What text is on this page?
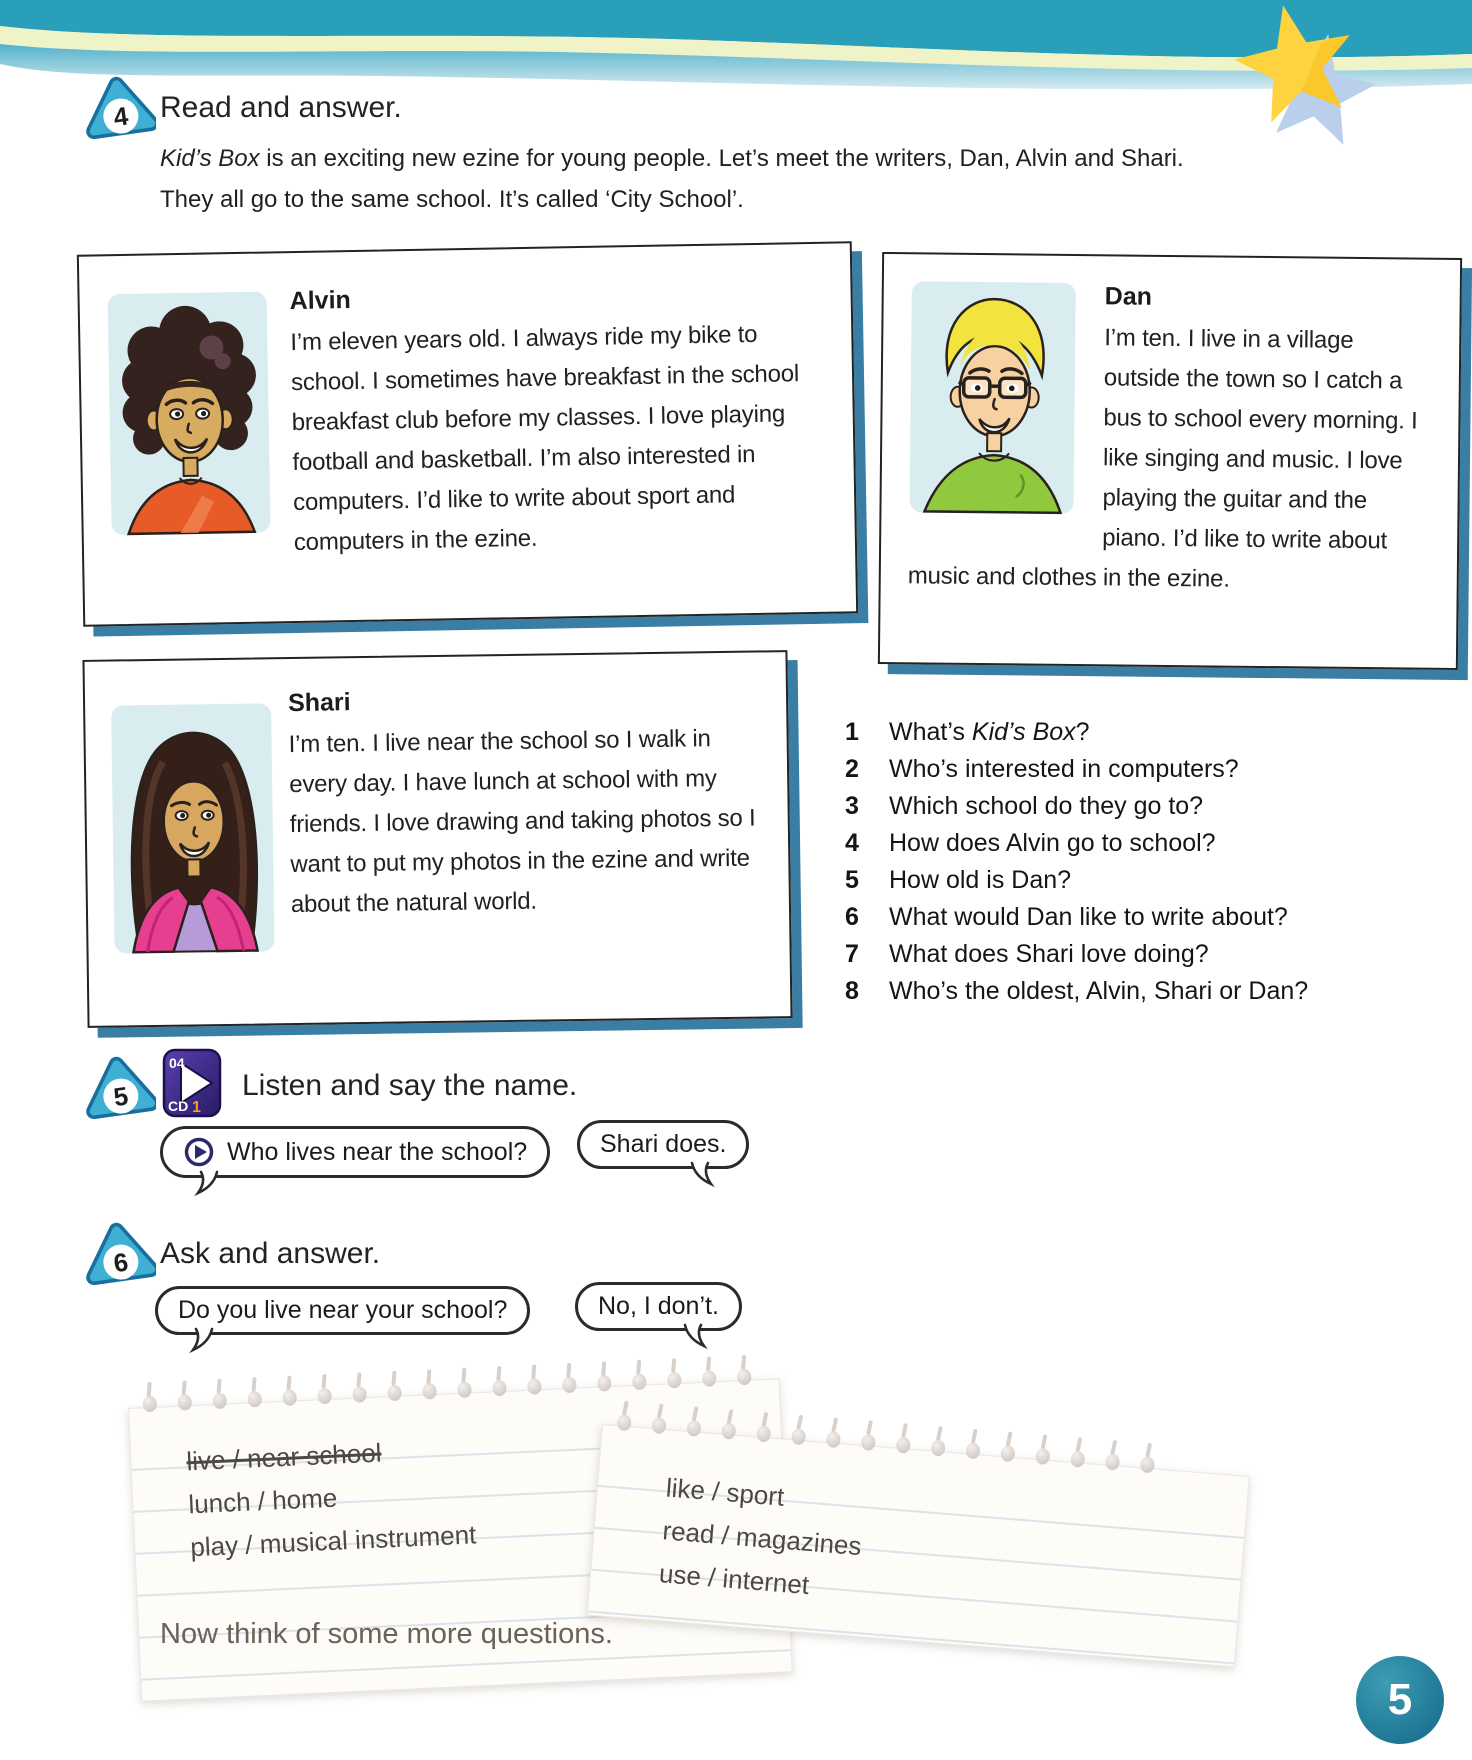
4 Read and answer.
Kid’s Box is an exciting new ezine for young people. Let’s meet the writers, Dan, Alvin and Shari.
They all go to the same school. It’s called ‘City School’.
Alvin

I’m eleven years old. I always ride my bike to school. I sometimes have breakfast in the school breakfast club before my classes. I love playing football and basketball. I’m also interested in computers. I’d like to write about sport and computers in the ezine.

Dan

I’m ten. I live in a village outside the town so I catch a bus to school every morning. I like singing and music. I love playing the guitar and the piano. I’d like to write about music and clothes in the ezine.

Shari

I’m ten. I live near the school so I walk in every day. I have lunch at school with my friends. I love drawing and taking photos so I want to put my photos in the ezine and write about the natural world.

1	What’s Kid’s Box?
2	Who’s interested in computers?
3	Which school do they go to?
4	How does Alvin go to school?
5	How old is Dan?
6	What would Dan like to write about?
7	What does Shari love doing?
8	Who’s the oldest, Alvin, Shari or Dan?
5
04
CD 1
Listen and say the name.
Who lives near the school?	Shari does.
6 Ask and answer.
Do you live near your school?	No, I don’t.
live / near school
lunch / home
play / musical instrument
like / sport
read / magazines
use / internet
Now think of some more questions.
5
